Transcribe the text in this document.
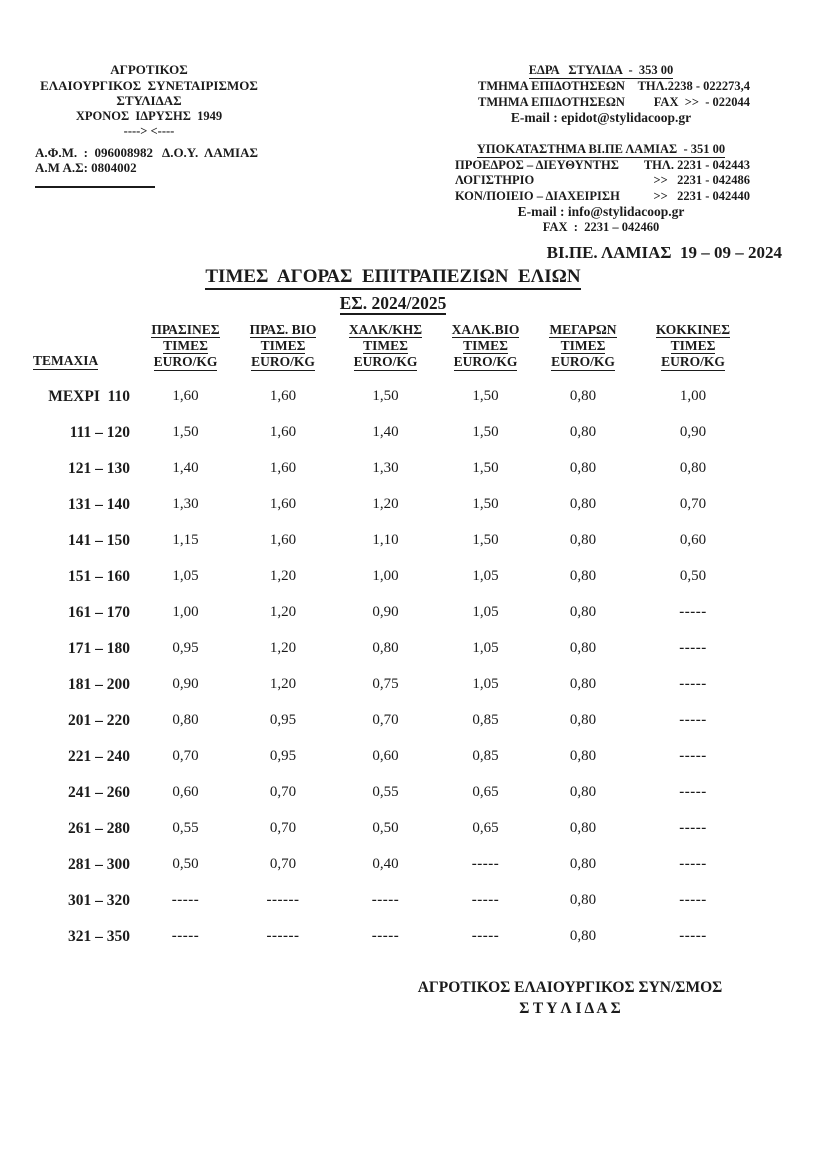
ΑΓΡΟΤΙΚΟΣ
ΕΛΑΙΟΥΡΓΙΚΟΣ  ΣΥΝΕΤΑΙΡΙΣΜΟΣ
ΣΤΥΛΙΔΑΣ
ΧΡΟΝΟΣ  ΙΔΡΥΣΗΣ  1949
----> <----
Α.Φ.Μ.  :  096008982   Δ.Ο.Υ.  ΛΑΜΙΑΣ
Α.Μ Α.Σ: 0804002
ΕΔΡΑ   ΣΤΥΛΙΔΑ  -  353 00
ΤΜΗΜΑ ΕΠΙΔΟΤΗΣΕΩΝ ΤΗΛ.2238 - 022273,4
ΤΜΗΜΑ ΕΠΙΔΟΤΗΣΕΩΝ FAX  >>  - 022044
E-mail : epidot@stylidacoop.gr
ΥΠΟΚΑΤΑΣΤΗΜΑ ΒΙ.ΠΕ ΛΑΜΙΑΣ  - 351 00
ΠΡΟΕΔΡΟΣ – ΔΙΕΥΘΥΝΤΗΣ ΤΗΛ. 2231 - 042443
ΛΟΓΙΣΤΗΡΙΟ	>>   2231 - 042486
ΚΟΝ/ΠΟΙΕΙΟ – ΔΙΑΧΕΙΡΙΣΗ	>>   2231 - 042440
E-mail : info@stylidacoop.gr
FAX  :  2231 – 042460
ΒΙ.ΠΕ. ΛΑΜΙΑΣ  19 – 09 – 2024
ΤΙΜΕΣ  ΑΓΟΡΑΣ  ΕΠΙΤΡΑΠΕΖΙΩΝ  ΕΛΙΩΝ
ΕΣ. 2024/2025
ΤΕΜΑΧΙΑ
ΠΡΑΣΙΝΕΣ
ΤΙΜΕΣ
EURO/KG
ΠΡΑΣ. ΒΙΟ
ΤΙΜΕΣ
EURO/KG
ΧΑΛΚ/ΚΗΣ
ΤΙΜΕΣ
EURO/KG
ΧΑΛΚ.ΒΙΟ
ΤΙΜΕΣ
EURO/KG
ΜΕΓΑΡΩΝ
ΤΙΜΕΣ
EURO/KG
ΚΟΚΚΙΝΕΣ
ΤΙΜΕΣ
EURO/KG
ΜΕΧΡΙ  110	1,60	1,60	1,50	1,50	0,80	1,00
111 – 120	1,50	1,60	1,40	1,50	0,80	0,90
121 – 130	1,40	1,60	1,30	1,50	0,80	0,80
131 – 140	1,30	1,60	1,20	1,50	0,80	0,70
141 – 150	1,15	1,60	1,10	1,50	0,80	0,60
151 – 160	1,05	1,20	1,00	1,05	0,80	0,50
161 – 170	1,00	1,20	0,90	1,05	0,80	-----
171 – 180	0,95	1,20	0,80	1,05	0,80	-----
181 – 200	0,90	1,20	0,75	1,05	0,80	-----
201 – 220	0,80	0,95	0,70	0,85	0,80	-----
221 – 240	0,70	0,95	0,60	0,85	0,80	-----
241 – 260	0,60	0,70	0,55	0,65	0,80	-----
261 – 280	0,55	0,70	0,50	0,65	0,80	-----
281 – 300	0,50	0,70	0,40	-----	0,80	-----
301 – 320	-----	------	-----	-----	0,80	-----
321 – 350	-----	------	-----	-----	0,80	-----
ΑΓΡΟΤΙΚΟΣ ΕΛΑΙΟΥΡΓΙΚΟΣ ΣΥΝ/ΣΜΟΣ
Σ Τ Υ Λ Ι Δ Α Σ
